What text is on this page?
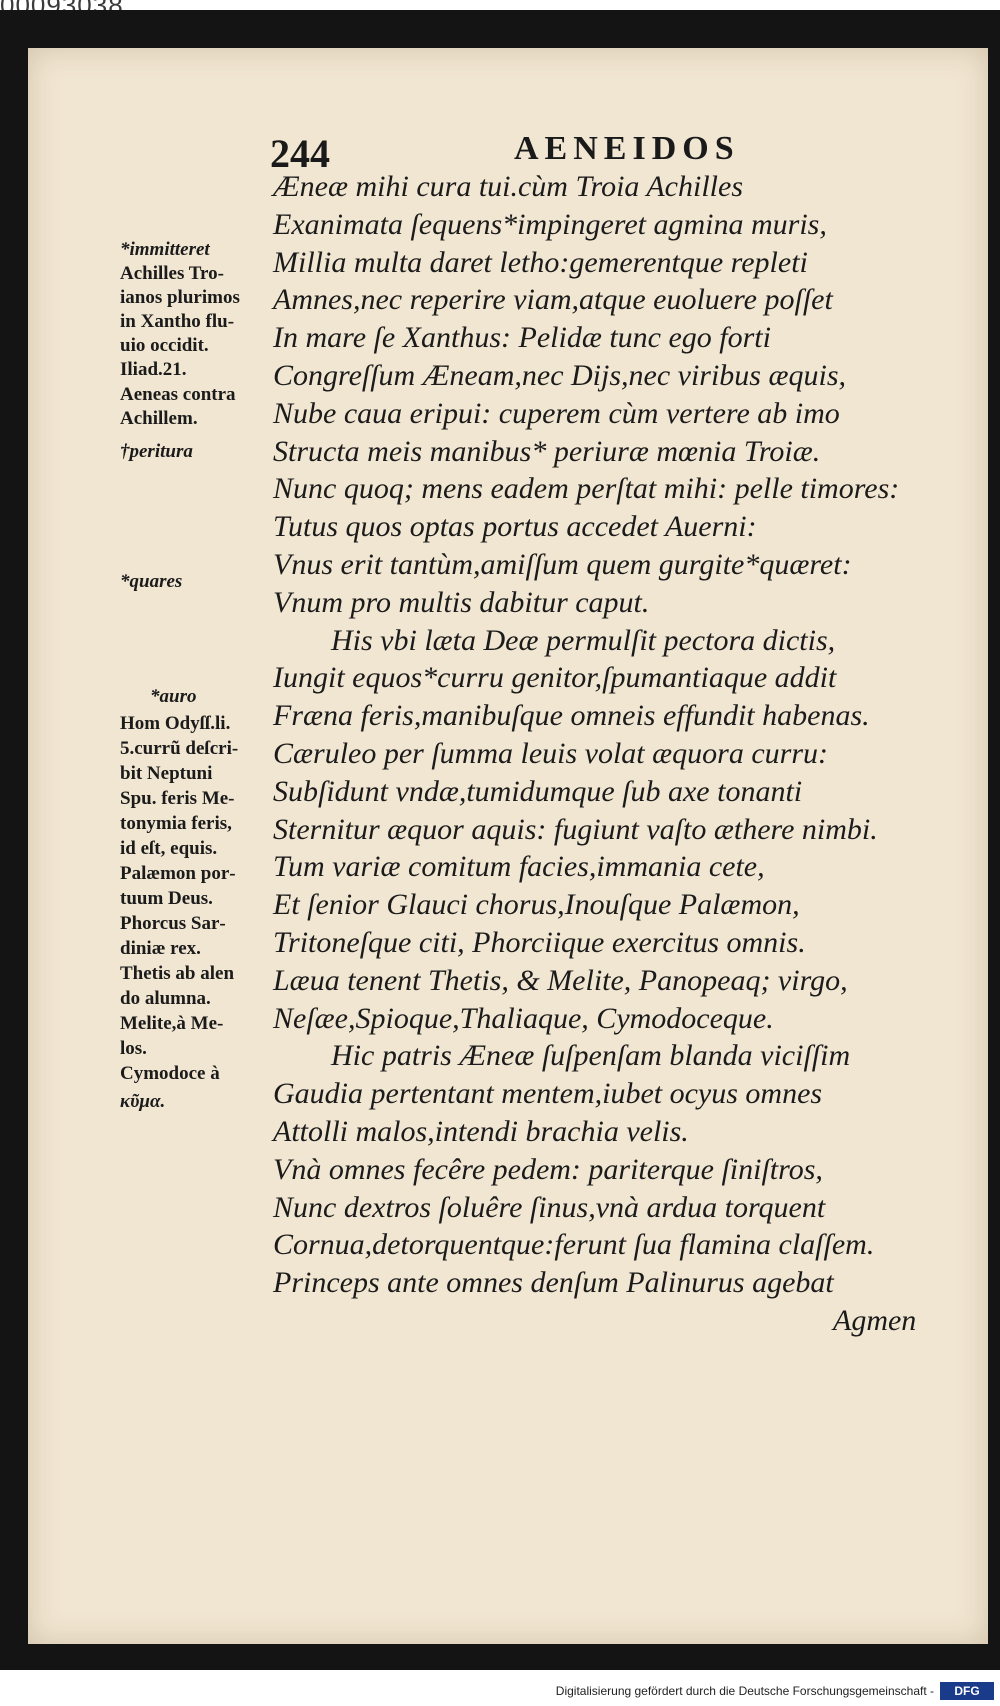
244	AENEIDOS
Æneæ mihi cura tui.cùm Troia Achilles
Exanimata ſequens*impingeret agmina muris,
Millia multa daret letho:gemerentque repleti
Amnes,nec reperire viam,atque euoluere poſſet
In mare ſe Xanthus: Pelidæ tunc ego forti
Congreſſum Æneam,nec Dijs,nec viribus æquis,
Nube caua eripui: cuperem cùm vertere ab imo
Structa meis manibus* periuræ mœnia Troiæ.
Nunc quoq; mens eadem perſtat mihi: pelle timores:
Tutus quos optas portus accedet Auerni:
Vnus erit tantùm,amiſſum quem gurgite*quæret:
Vnum pro multis dabitur caput.
His vbi læta Deæ permulſit pectora dictis,
Iungit equos*curru genitor,ſpumantiaque addit
Fræna feris,manibuſque omneis effundit habenas.
Cæruleo per ſumma leuis volat æquora curru:
Subſidunt vndæ,tumidumque ſub axe tonanti
Sternitur æquor aquis: fugiunt vaſto æthere nimbi.
Tum variæ comitum facies,immania cete,
Et ſenior Glauci chorus,Inouſque Palæmon,
Tritoneſque citi, Phorciique exercitus omnis.
Læua tenent Thetis, & Melite, Panopeaq; virgo,
Neſæe,Spioque,Thaliaque, Cymodoceque.
Hic patris Æneæ ſuſpenſam blanda viciſſim
Gaudia pertentant mentem,iubet ocyus omnes
Attolli malos,intendi brachia velis.
Vnà omnes fecêre pedem: pariterque ſiniſtros,
Nunc dextros ſoluêre ſinus,vnà ardua torquent
Cornua,detorquentque:ferunt ſua flamina claſſem.
Princeps ante omnes denſum Palinurus agebat
Agmen
*immitteret
Achilles Tro‑
ianos plurimos
in Xantho flu‑
uio occidit.
Iliad.21.
Aeneas contra
Achillem.
†peritura
*quares
*auro
Hom Odyſſ.li.
5.currũ deſcri‑
bit Neptuni
Spu. feris Me‑
tonymia feris,
id eſt, equis.
Palæmon por‑
tuum Deus.
Phorcus Sar‑
diniæ rex.
Thetis ab alen
do alumna.
Melite,à Me‑
los.
Cymodoce à
κῦμα.
Digitalisierung gefördert durch die Deutsche Forschungsgemeinschaft -	DFG
